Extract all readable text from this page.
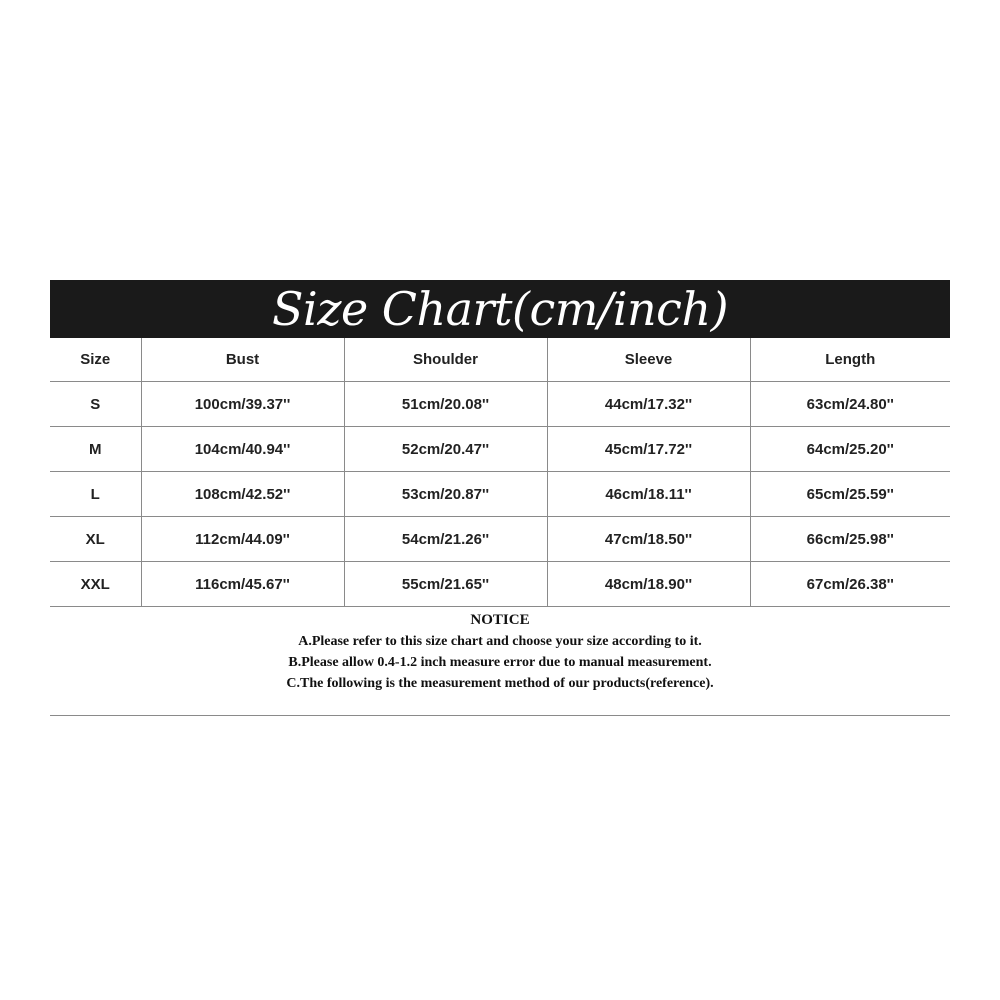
Size Chart(cm/inch)
Size	Bust	Shoulder	Sleeve	Length
S	100cm/39.37''	51cm/20.08''	44cm/17.32''	63cm/24.80''
M	104cm/40.94''	52cm/20.47''	45cm/17.72''	64cm/25.20''
L	108cm/42.52''	53cm/20.87''	46cm/18.11''	65cm/25.59''
XL	112cm/44.09''	54cm/21.26''	47cm/18.50''	66cm/25.98''
XXL	116cm/45.67''	55cm/21.65''	48cm/18.90''	67cm/26.38''
NOTICE
A.Please refer to this size chart and choose your size according to it.
B.Please allow 0.4-1.2 inch measure error due to manual measurement.
C.The following is the measurement method of our products(reference).
